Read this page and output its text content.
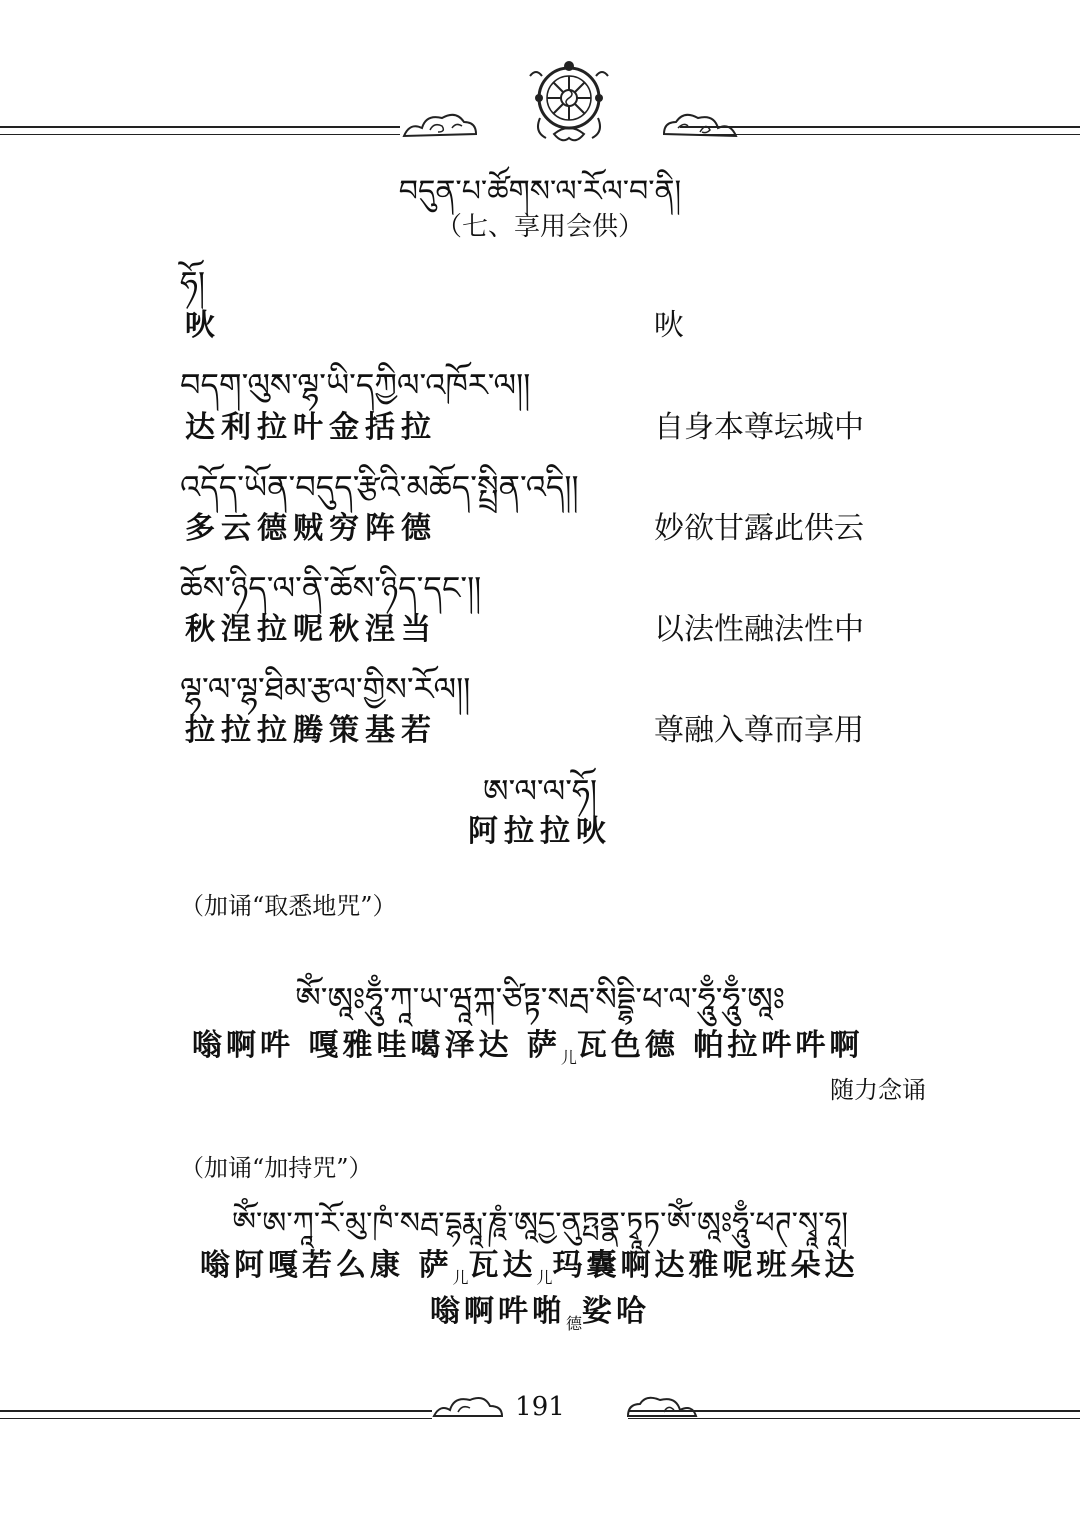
བདུན་པ་ཚོགས་ལ་རོལ་བ་ནི།
（七、享用会供）
ཧོ།
吙	吙
བདག་ལུས་ལྷ་ཡི་དཀྱིལ་འཁོར་ལ།།
达利拉叶金括拉	自身本尊坛城中
འདོད་ཡོན་བདུད་རྩིའི་མཆོད་སྤྲིན་འདི།།
多云德贼穷阵德	妙欲甘露此供云
ཆོས་ཉིད་ལ་ནི་ཆོས་ཉིད་དང་།།
秋涅拉呢秋涅当	以法性融法性中
ལྷ་ལ་ལྷ་ཐིམ་རྩལ་གྱིས་རོལ།།
拉拉拉腾策基若	尊融入尊而享用
ཨ་ལ་ལ་ཧོ།
阿拉拉吙
（加诵“取悉地咒”）
ཨོཾ་ཨཱཿཧཱུྃ་ཀཱ་ཡ་ཝཱཀྐ་ཙིཏྟ་སརྦ་སིདྡྷི་ཕ་ལ་ཧཱུྃ་ཧཱུྃ་ཨཱཿ
嗡啊吽 嘎雅哇噶泽达 萨$_儿$瓦色德 帕拉吽吽啊
随力念诵
（加诵“加持咒”）
ཨོཾ་ཨ་ཀཱ་རོ་མུ་ཁཾ་སརྦ་དྷརྨཱ་ཎཱཾ་ཨཱདྱ་ནུཏྤནྣ་ཏྭཱཏ་ཨོཾ་ཨཱཿཧཱུྃ་ཕཊ་སྭཱ་ཧཱ།
嗡阿嘎若么康 萨$_儿$瓦达$_儿$玛囊啊达雅呢班朵达
嗡啊吽啪$_德$娑哈
191
